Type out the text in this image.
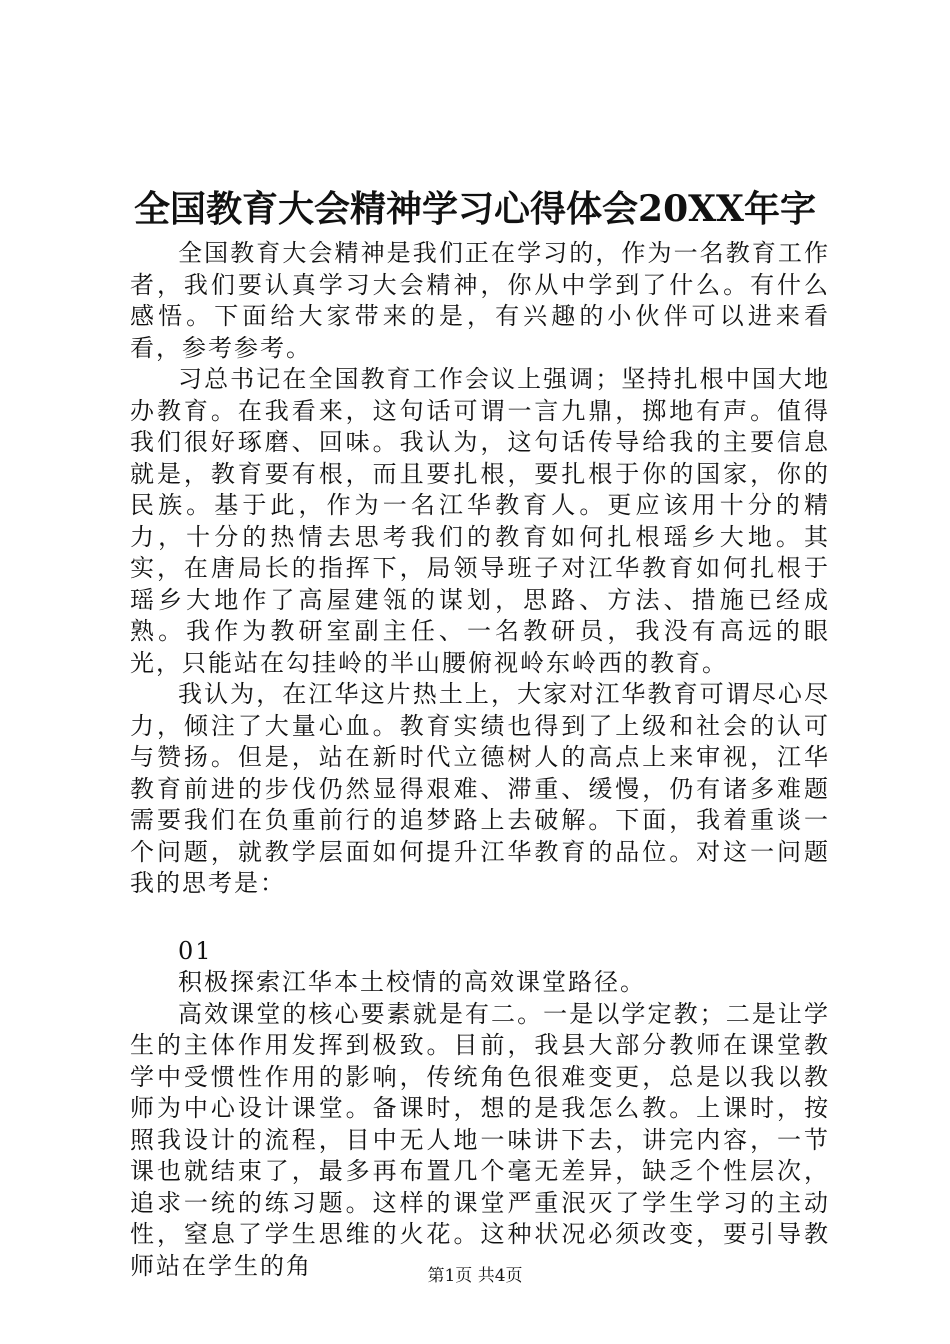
全国教育大会精神学习心得体会20XX年字

全国教育大会精神是我们正在学习的，作为一名教育工作者，我们要认真学习大会精神，你从中学到了什么。有什么感悟。下面给大家带来的是，有兴趣的小伙伴可以进来看看，参考参考。

习总书记在全国教育工作会议上强调；坚持扎根中国大地办教育。在我看来，这句话可谓一言九鼎，掷地有声。值得我们很好琢磨、回味。我认为，这句话传导给我的主要信息就是，教育要有根，而且要扎根，要扎根于你的国家，你的民族。基于此，作为一名江华教育人。更应该用十分的精力，十分的热情去思考我们的教育如何扎根瑶乡大地。其实，在唐局长的指挥下，局领导班子对江华教育如何扎根于瑶乡大地作了高屋建瓴的谋划，思路、方法、措施已经成熟。我作为教研室副主任、一名教研员，我没有高远的眼光，只能站在勾挂岭的半山腰俯视岭东岭西的教育。

我认为，在江华这片热土上，大家对江华教育可谓尽心尽力，倾注了大量心血。教育实绩也得到了上级和社会的认可与赞扬。但是，站在新时代立德树人的高点上来审视，江华教育前进的步伐仍然显得艰难、滞重、缓慢，仍有诸多难题需要我们在负重前行的追梦路上去破解。下面，我着重谈一个问题，就教学层面如何提升江华教育的品位。对这一问题我的思考是：

01

积极探索江华本土校情的高效课堂路径。

高效课堂的核心要素就是有二。一是以学定教；二是让学生的主体作用发挥到极致。目前，我县大部分教师在课堂教学中受惯性作用的影响，传统角色很难变更，总是以我以教师为中心设计课堂。备课时，想的是我怎么教。上课时，按照我设计的流程，目中无人地一味讲下去，讲完内容，一节课也就结束了，最多再布置几个毫无差异，缺乏个性层次，追求一统的练习题。这样的课堂严重泯灭了学生学习的主动性，窒息了学生思维的火花。这种状况必须改变，要引导教师站在学生的角	第1页 共4页
